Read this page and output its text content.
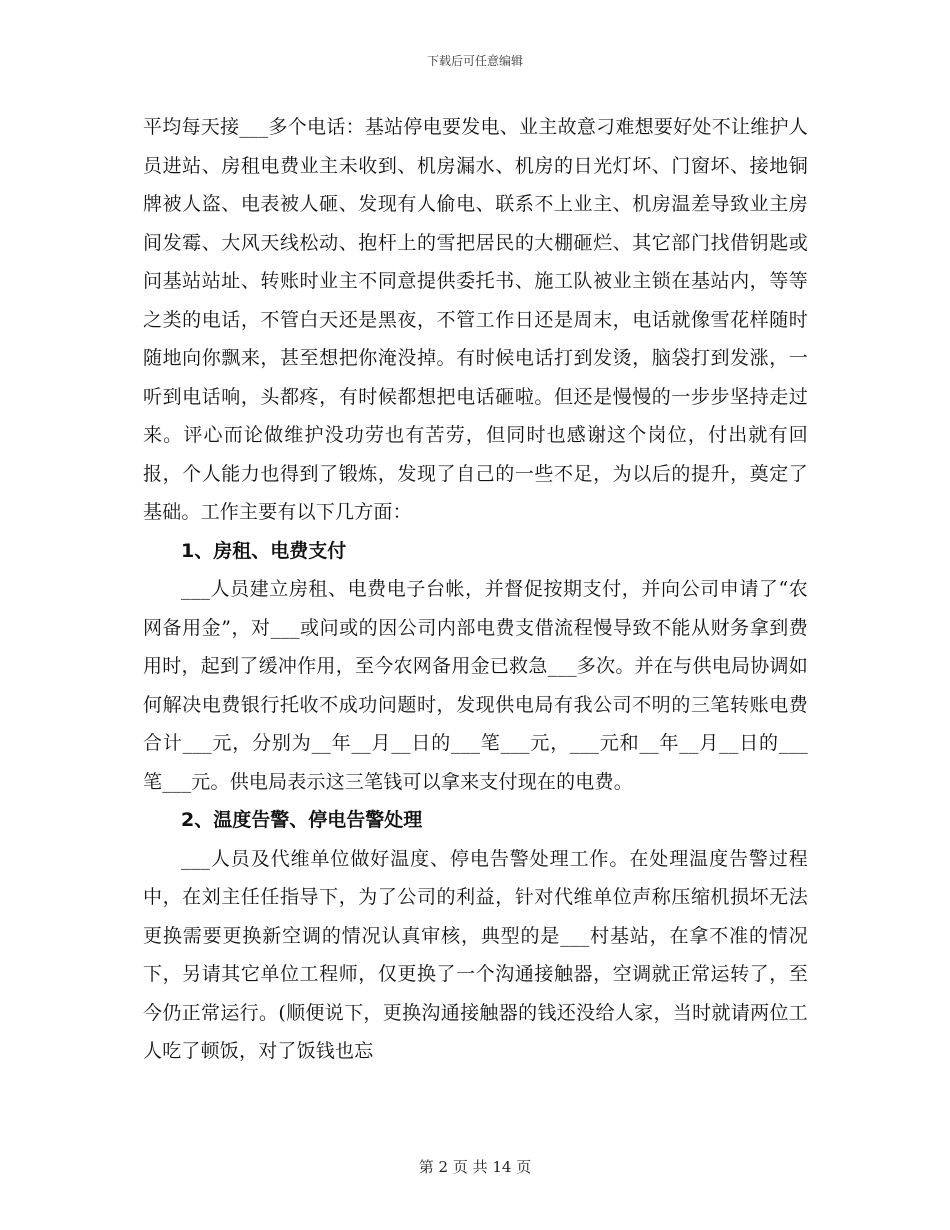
下载后可任意编辑

平均每天接___多个电话：基站停电要发电、业主故意刁难想要好处不让维护人员进站、房租电费业主未收到、机房漏水、机房的日光灯坏、门窗坏、接地铜牌被人盗、电表被人砸、发现有人偷电、联系不上业主、机房温差导致业主房间发霉、大风天线松动、抱杆上的雪把居民的大棚砸烂、其它部门找借钥匙或问基站站址、转账时业主不同意提供委托书、施工队被业主锁在基站内，等等之类的电话，不管白天还是黑夜，不管工作日还是周末，电话就像雪花样随时随地向你飘来，甚至想把你淹没掉。有时候电话打到发烫，脑袋打到发涨，一听到电话响，头都疼，有时候都想把电话砸啦。但还是慢慢的一步步坚持走过来。评心而论做维护没功劳也有苦劳，但同时也感谢这个岗位，付出就有回报，个人能力也得到了锻炼，发现了自己的一些不足，为以后的提升，奠定了基础。工作主要有以下几方面：

1、房租、电费支付

___人员建立房租、电费电子台帐，并督促按期支付，并向公司申请了“农网备用金”，对___或问或的因公司内部电费支借流程慢导致不能从财务拿到费用时，起到了缓冲作用，至今农网备用金已救急___多次。并在与供电局协调如何解决电费银行托收不成功问题时，发现供电局有我公司不明的三笔转账电费合计___元，分别为__年__月__日的___笔___元，___元和__年__月__日的___笔___元。供电局表示这三笔钱可以拿来支付现在的电费。

2、温度告警、停电告警处理

___人员及代维单位做好温度、停电告警处理工作。在处理温度告警过程中，在刘主任任指导下，为了公司的利益，针对代维单位声称压缩机损坏无法更换需要更换新空调的情况认真审核，典型的是___村基站，在拿不准的情况下，另请其它单位工程师，仅更换了一个沟通接触器，空调就正常运转了，至今仍正常运行。(顺便说下，更换沟通接触器的钱还没给人家，当时就请两位工人吃了顿饭，对了饭钱也忘

第 2 页 共 14 页
